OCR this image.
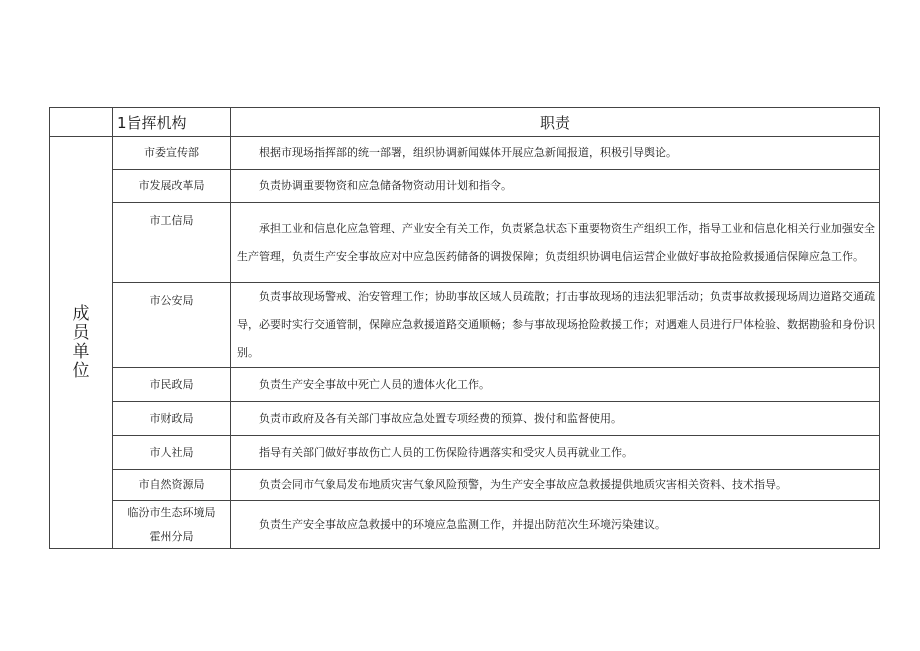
	1旨挥机构	职责
成员单位	市委宣传部	根据市现场指挥部的统一部署，组织协调新闻媒体开展应急新闻报道，积极引导舆论。

	市发展改革局	负责协调重要物资和应急储备物资动用计划和指令。

	市工信局	承担工业和信息化应急管理、产业安全有关工作，负责紧急状态下重要物资生产组织工作，指导工业和信息化相关行业加强安全生产管理，负责生产安全事故应对中应急医药储备的调拨保障；负责组织协调电信运营企业做好事故抢险救援通信保障应急工作。

	市公安局	负责事故现场警戒、治安管理工作；协助事故区域人员疏散；打击事故现场的违法犯罪活动；负责事故救援现场周边道路交通疏导，必要时实行交通管制，保障应急救援道路交通顺畅；参与事故现场抢险救援工作；对遇难人员进行尸体检验、数据勘验和身份识别。

	市民政局	负责生产安全事故中死亡人员的遗体火化工作。

	市财政局	负责市政府及各有关部门事故应急处置专项经费的预算、拨付和监督使用。

	市人社局	指导有关部门做好事故伤亡人员的工伤保险待遇落实和受灾人员再就业工作。

	市自然资源局	负责会同市气象局发布地质灾害气象风险预警，为生产安全事故应急救援提供地质灾害相关资料、技术指导。

	临汾市生态环境局
霍州分局	负责生产安全事故应急救援中的环境应急监测工作，并提出防范次生环境污染建议。
